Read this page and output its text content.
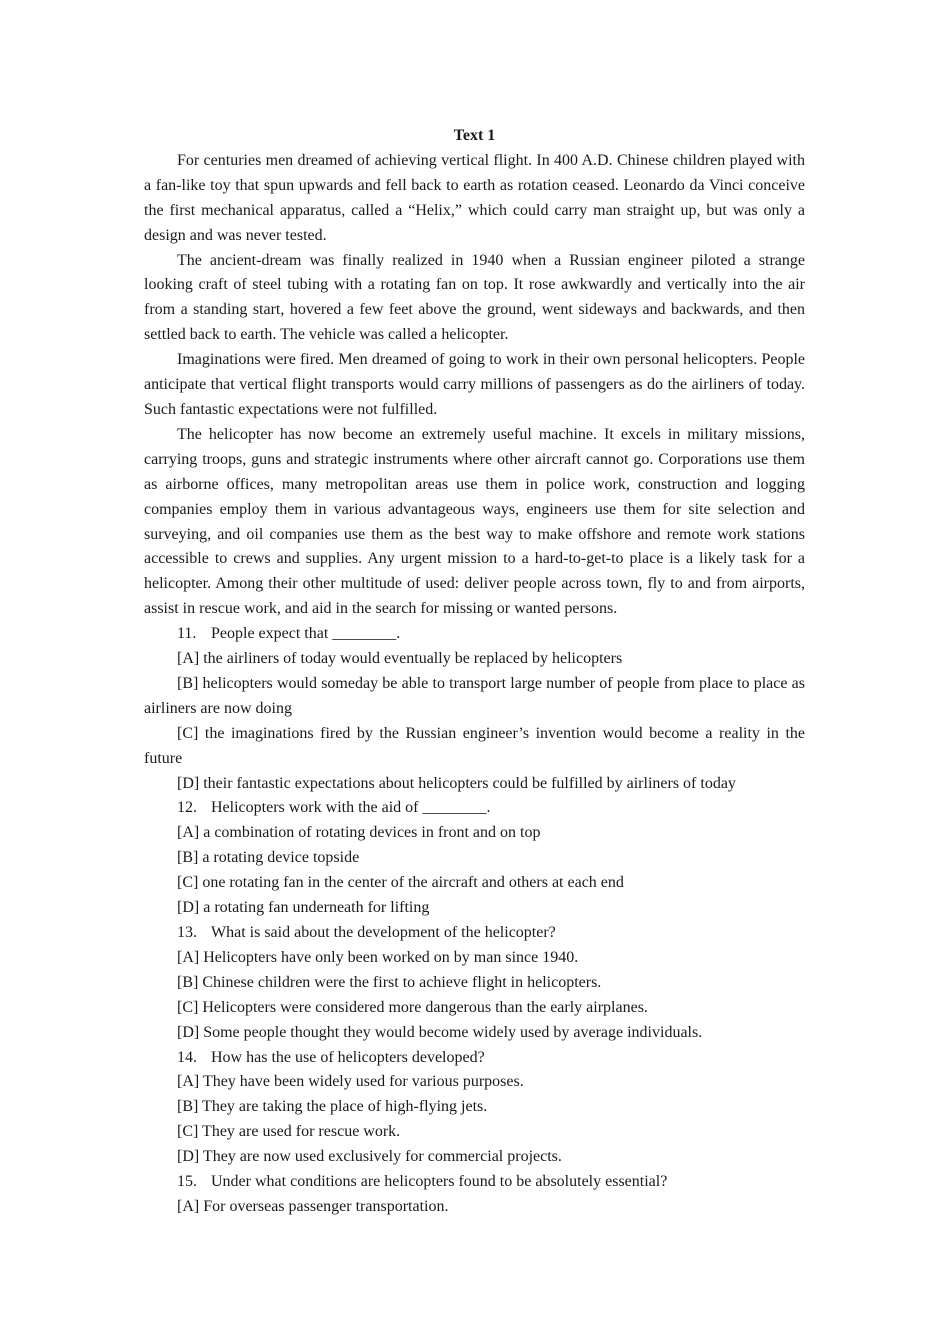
Text 1

For centuries men dreamed of achieving vertical flight. In 400 A.D. Chinese children played with a fan-like toy that spun upwards and fell back to earth as rotation ceased. Leonardo da Vinci conceive the first mechanical apparatus, called a “Helix,” which could carry man straight up, but was only a design and was never tested.

The ancient-dream was finally realized in 1940 when a Russian engineer piloted a strange looking craft of steel tubing with a rotating fan on top. It rose awkwardly and vertically into the air from a standing start, hovered a few feet above the ground, went sideways and backwards, and then settled back to earth. The vehicle was called a helicopter.

Imaginations were fired. Men dreamed of going to work in their own personal helicopters. People anticipate that vertical flight transports would carry millions of passengers as do the airliners of today. Such fantastic expectations were not fulfilled.

The helicopter has now become an extremely useful machine. It excels in military missions, carrying troops, guns and strategic instruments where other aircraft cannot go. Corporations use them as airborne offices, many metropolitan areas use them in police work, construction and logging companies employ them in various advantageous ways, engineers use them for site selection and surveying, and oil companies use them as the best way to make offshore and remote work stations accessible to crews and supplies. Any urgent mission to a hard-to-get-to place is a likely task for a helicopter. Among their other multitude of used: deliver people across town, fly to and from airports, assist in rescue work, and aid in the search for missing or wanted persons.

11. People expect that ________.

[A] the airliners of today would eventually be replaced by helicopters

[B] helicopters would someday be able to transport large number of people from place to place as airliners are now doing

[C] the imaginations fired by the Russian engineer’s invention would become a reality in the future

[D] their fantastic expectations about helicopters could be fulfilled by airliners of today

12. Helicopters work with the aid of ________.

[A] a combination of rotating devices in front and on top

[B] a rotating device topside

[C] one rotating fan in the center of the aircraft and others at each end

[D] a rotating fan underneath for lifting

13. What is said about the development of the helicopter?

[A] Helicopters have only been worked on by man since 1940.

[B] Chinese children were the first to achieve flight in helicopters.

[C] Helicopters were considered more dangerous than the early airplanes.

[D] Some people thought they would become widely used by average individuals.

14. How has the use of helicopters developed?

[A] They have been widely used for various purposes.

[B] They are taking the place of high-flying jets.

[C] They are used for rescue work.

[D] They are now used exclusively for commercial projects.

15. Under what conditions are helicopters found to be absolutely essential?

[A] For overseas passenger transportation.
